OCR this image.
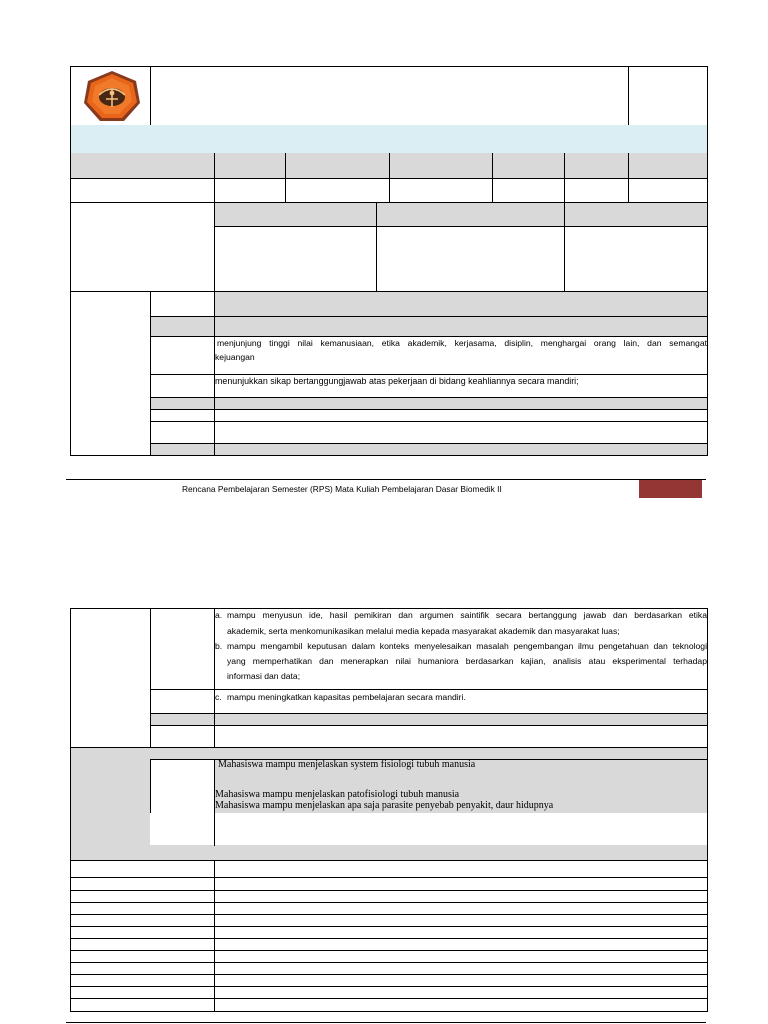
menjunjung tinggi nilai kemanusiaan, etika akademik, kerjasama, disiplin, menghargai orang lain, dan semangat
kejuangan
menunjukkan sikap bertanggungjawab atas pekerjaan di bidang keahliannya secara mandiri;
Rencana Pembelajaran Semester (RPS) Mata Kuliah Pembelajaran Dasar Biomedik II
a. mampu menyusun ide, hasil pemikiran dan argumen saintifik secara bertanggung jawab dan berdasarkan etika
akademik, serta menkomunikasikan melalui media kepada masyarakat akademik dan masyarakat luas;
b. mampu mengambil keputusan dalam konteks menyelesaikan masalah pengembangan ilmu pengetahuan dan teknologi
yang memperhatikan dan menerapkan nilai humaniora berdasarkan kajian, analisis atau eksperimental terhadap
informasi dan data;
c. mampu meningkatkan kapasitas pembelajaran secara mandiri.
Mahasiswa mampu menjelaskan system fisiologi tubuh manusia
Mahasiswa mampu menjelaskan patofisiologi tubuh manusia
Mahasiswa mampu menjelaskan apa saja parasite penyebab penyakit, daur hidupnya
